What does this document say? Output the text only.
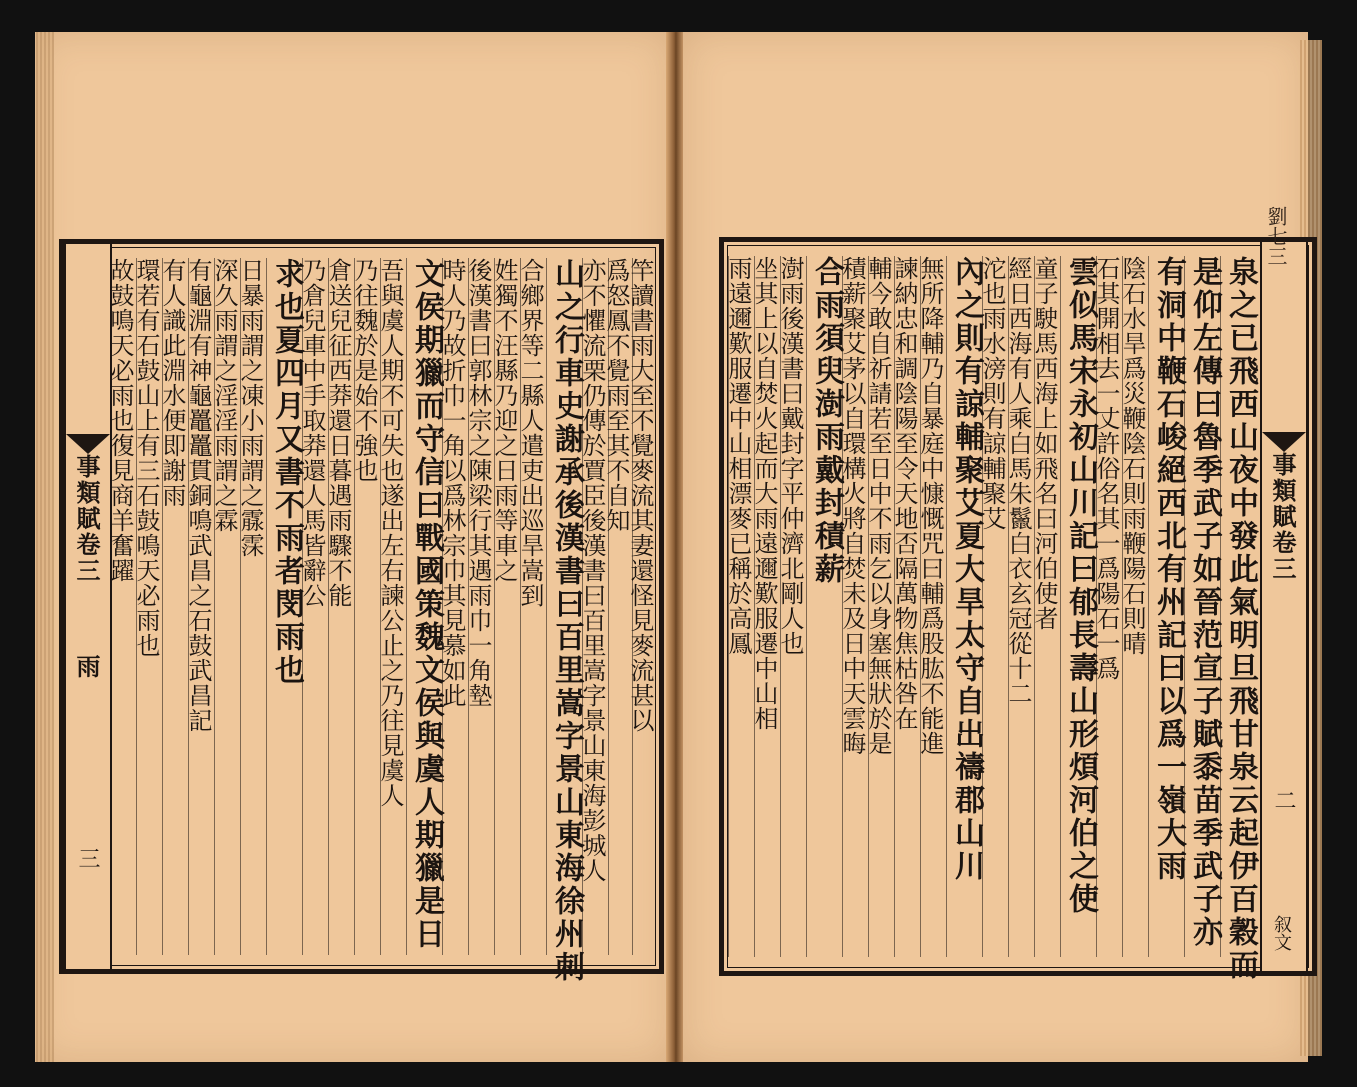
事類賦卷三
雨
三
故鼓鳴天必雨也復見商羊奮躍
環若有石鼓山上有三石鼓鳴天必雨也
有人識此淵水便即謝雨
有龜淵有神龜鼉鼉貫銅鳴武昌之石鼓武昌記
深久雨謂之淫淫雨謂之霖
日暴雨謂之凍小雨謂之霡霂 求也夏四月又書不雨者閔雨也
乃倉兒車中手取莽還人馬皆辭公
倉送兒征西莽還日暮遇雨驟不能
乃往魏於是始不強也
吾與虞人期不可失也遂出左右諫公止之乃往見虞人 文侯期獵而守信曰戰國策魏文侯與虞人期獵是日
時人乃故折巾一角以爲林宗巾其見慕如此
後漢書曰郭林宗之陳梁行其遇雨巾一角墊
姓獨不汪縣乃迎之日雨等車之
合鄉界等二縣人遣吏出巡旱嵩到 山之行車史謝承後漢書曰百里嵩字景山東海徐州刺
亦不懼流栗仍傳於賈臣後漢書曰百里嵩字景山東海彭城人
爲怒鳳不覺雨至其不自知
竿讀書雨大至不覺麥流其妻還怪見麥流甚以	雨遠邇歎服遷中山相漂麥已稱於高鳳
坐其上以自焚火起而大雨遠邇歎服遷中山相
澍雨後漢書曰戴封字平仲濟北剛人也 合雨須臾澍雨戴封積薪
積薪聚艾茅以自環構火將自焚未及日中天雲晦
輔今敢自祈請若至日中不雨乞以身塞無狀於是
諫納忠和調陰陽至令天地否隔萬物焦枯咎在
無所降輔乃自暴庭中慷慨咒曰輔爲股肱不能進 內之則有諒輔聚艾夏大旱太守自出禱郡山川
沱也雨水滂則有諒輔聚艾
經日西海有人乘白馬朱鬣白衣玄冠從十二
童子駛馬西海上如飛名曰河伯使者 雲似馬宋永初山川記曰郁長壽山形煩河伯之使
石其開相去一丈許俗名其一爲陽石一爲
陰石水旱爲災鞭陰石則雨鞭陽石則晴 有洞中鞭石峻絕西北有州記曰以爲一嶺大雨 是仰左傳曰魯季武子如晉范宣子賦黍苗季武子亦 泉之已飛西山夜中發此氣明旦飛甘泉云起伊百穀而 事類賦卷三
二
叙文
劉七三
